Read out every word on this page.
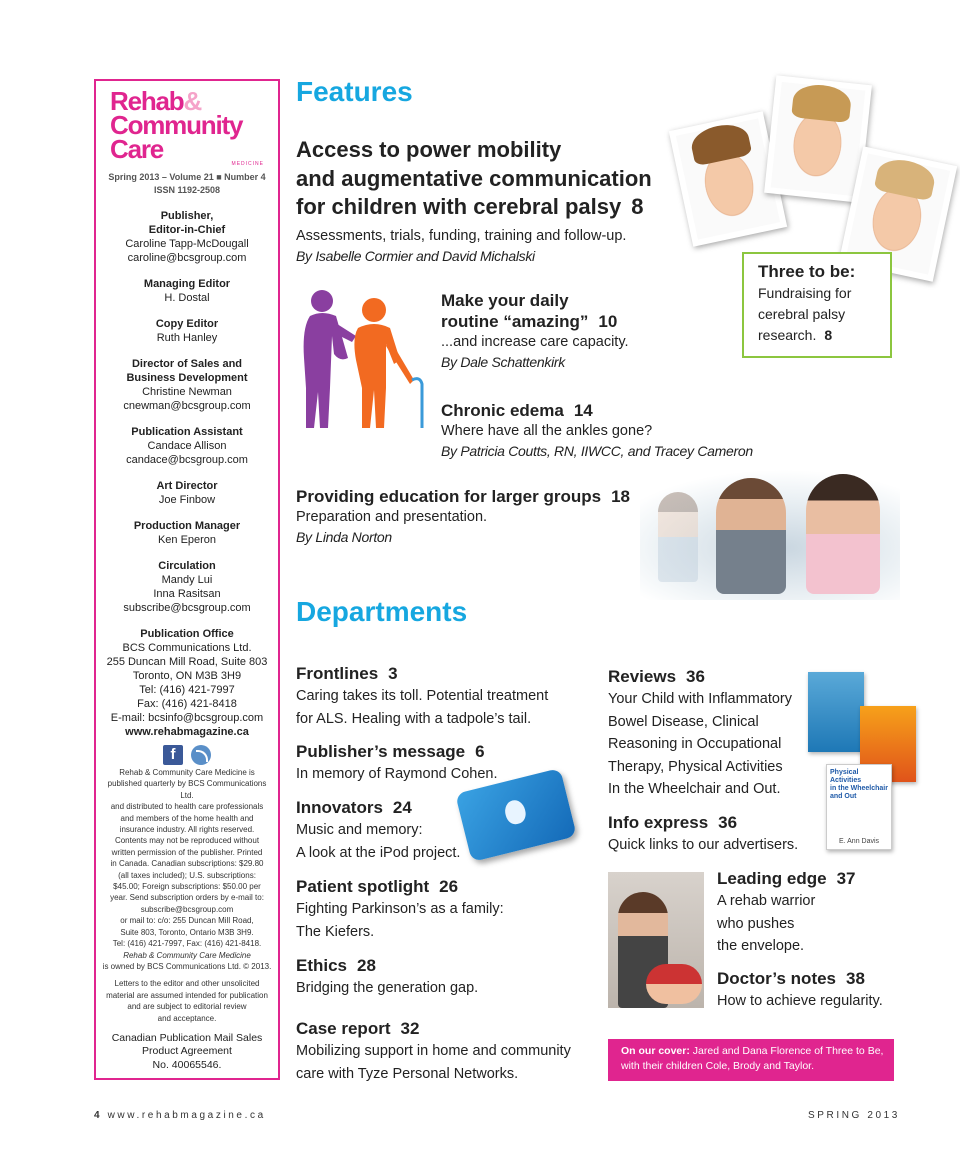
Rehab&
Community Care	MEDICINE
Spring 2013 – Volume 21 ■ Number 4
ISSN 1192-2508
Publisher,
Editor-in-Chief
Caroline Tapp-McDougall
caroline@bcsgroup.com
Managing Editor
H. Dostal
Copy Editor
Ruth Hanley
Director of Sales and
Business Development
Christine Newman
cnewman@bcsgroup.com
Publication Assistant
Candace Allison
candace@bcsgroup.com
Art Director
Joe Finbow
Production Manager
Ken Eperon
Circulation
Mandy Lui
Inna Rasitsan
subscribe@bcsgroup.com
Publication Office
BCS Communications Ltd.
255 Duncan Mill Road, Suite 803
Toronto, ON M3B 3H9
Tel: (416) 421-7997
Fax: (416) 421-8418
E-mail: bcsinfo@bcsgroup.com
www.rehabmagazine.ca
f
Rehab & Community Care Medicine is
published quarterly by BCS Communications Ltd.
and distributed to health care professionals
and members of the home health and
insurance industry. All rights reserved.
Contents may not be reproduced without
written permission of the publisher. Printed
in Canada. Canadian subscriptions: $29.80
(all taxes included); U.S. subscriptions:
$45.00; Foreign subscriptions: $50.00 per
year. Send subscription orders by e-mail to:
subscribe@bcsgroup.com
or mail to: c/o: 255 Duncan Mill Road,
Suite 803, Toronto, Ontario M3B 3H9.
Tel: (416) 421-7997, Fax: (416) 421-8418.
Rehab & Community Care Medicine
is owned by BCS Communications Ltd. © 2013.
Letters to the editor and other unsolicited
material are assumed intended for publication
and are subject to editorial review
and acceptance.
Canadian Publication Mail Sales
Product Agreement
No. 40065546.
Features
Access to power mobility
and augmentative communication
for children with cerebral palsy 8
Assessments, trials, funding, training and follow-up.
By Isabelle Cormier and David Michalski
Three to be:
Fundraising for
cerebral palsy
research. 8
Make your daily
routine “amazing” 10
...and increase care capacity.
By Dale Schattenkirk
Chronic edema 14
Where have all the ankles gone?
By Patricia Coutts, RN, IIWCC, and Tracey Cameron
Providing education for larger groups 18
Preparation and presentation.
By Linda Norton
Departments
Frontlines 3
Caring takes its toll. Potential treatment
for ALS. Healing with a tadpole’s tail.
Publisher’s message 6
In memory of Raymond Cohen.
Innovators 24
Music and memory:
A look at the iPod project.
Patient spotlight 26
Fighting Parkinson’s as a family:
The Kiefers.
Ethics 28
Bridging the generation gap.
Case report 32
Mobilizing support in home and community
care with Tyze Personal Networks.
Reviews 36
Your Child with Inflammatory
Bowel Disease, Clinical
Reasoning in Occupational
Therapy, Physical Activities
In the Wheelchair and Out.
Physical Activities
in the Wheelchair
and Out
E. Ann Davis
Info express 36
Quick links to our advertisers.
Leading edge 37
A rehab warrior
who pushes
the envelope.
Doctor’s notes 38
How to achieve regularity.
On our cover: Jared and Dana Florence of Three to Be, with their children Cole, Brody and Taylor.
4 www.rehabmagazine.ca	SPRING 2013
